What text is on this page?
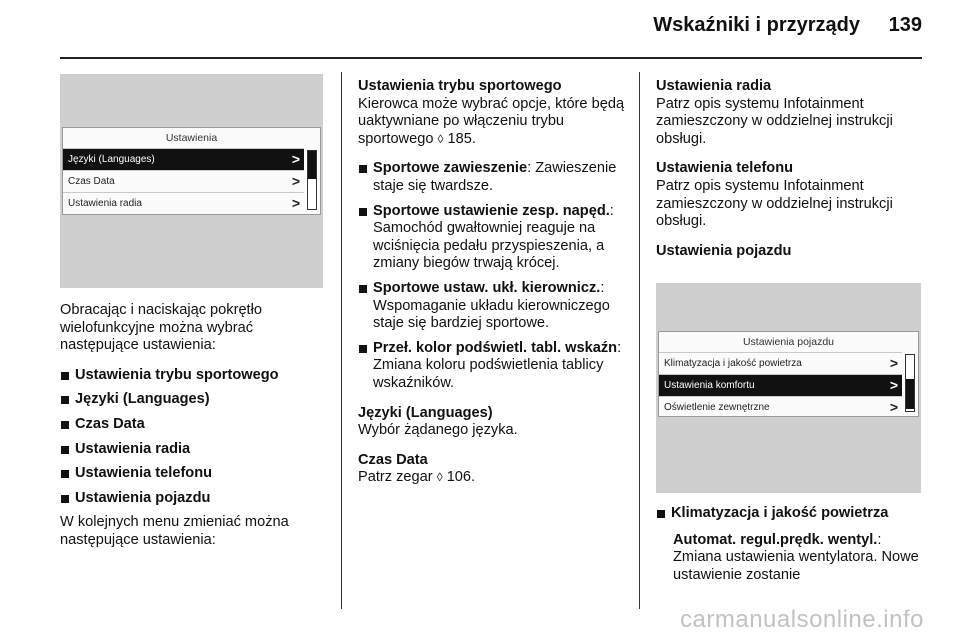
Wskaźniki i przyrządy 139
Ustawienia
Języki (Languages)	>
Czas Data	>
Ustawienia radia	>

Obracając i naciskając pokrętło wielofunkcyjne można wybrać następujące ustawienia:

Ustawienia trybu sportowego
Języki (Languages)
Czas Data
Ustawienia radia
Ustawienia telefonu
Ustawienia pojazdu

W kolejnych menu zmieniać można następujące ustawienia:

Ustawienia trybu sportowego
Kierowca może wybrać opcje, które będą uaktywniane po włączeniu trybu sportowego ◊ 185.

Sportowe zawieszenie: Zawieszenie staje się twardsze.
Sportowe ustawienie zesp. napęd.: Samochód gwałtowniej reaguje na wciśnięcia pedału przyspieszenia, a zmiany biegów trwają krócej.
Sportowe ustaw. ukł. kierownicz.: Wspomaganie układu kierowniczego staje się bardziej sportowe.
Przeł. kolor podświetl. tabl. wskaźn: Zmiana koloru podświetlenia tablicy wskaźników.

Języki (Languages)
Wybór żądanego języka.

Czas Data
Patrz zegar ◊ 106.

Ustawienia radia
Patrz opis systemu Infotainment zamieszczony w oddzielnej instrukcji obsługi.

Ustawienia telefonu
Patrz opis systemu Infotainment zamieszczony w oddzielnej instrukcji obsługi.

Ustawienia pojazdu

Ustawienia pojazdu
Klimatyzacja i jakość powietrza	>
Ustawienia komfortu	>
Oświetlenie zewnętrzne	>
Klimatyzacja i jakość powietrza
Automat. regul.prędk. wentyl.: Zmiana ustawienia wentylatora. Nowe ustawienie zostanie
carmanualsonline.info
